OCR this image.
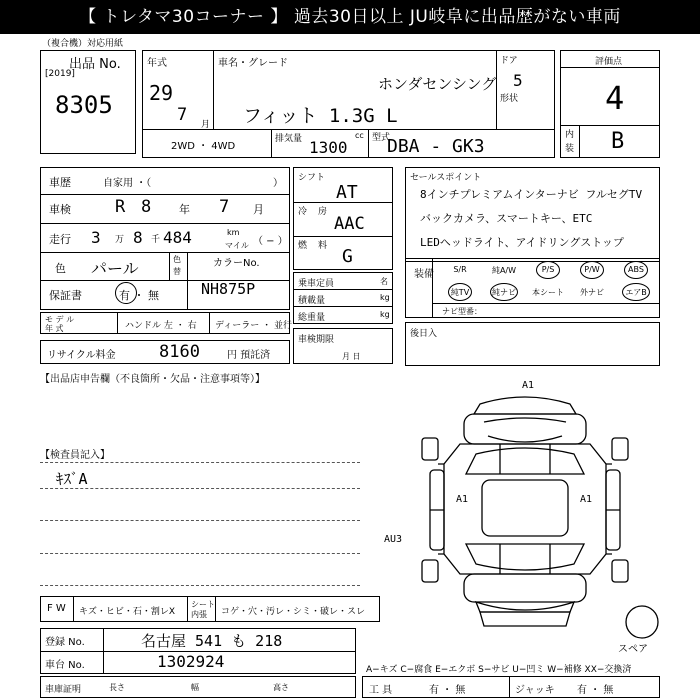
【 トレタマ30コーナー 】 過去30日以上 JU岐阜に出品歴がない車両
（複合機）対応用紙
出品 No.
[2019]
8305
年式
29
7 月
車名・グレード
ホンダセンシング
フィット 1.3G L
ドア
5
形状
2WD ・ 4WD
排気量 1300
cc 型式
DBA - GK3
評価点
4
内
装 B
車歴	自家用 ・（	）
車検	R 8	年 7 月
走行 3 万 8 千 484	km
マイル （ − ）
色 パール	色
替
カラーNo.
保証書	有 ・ 無	NH875P
モ デ ル
年 式	ハンドル 左 ・ 右 ディーラー ・ 並行
リサイクル料金	8160	円 預託済
シフト
AT
冷 房
AAC
燃 料 G
乗車定員	名
積載量	kg
総重量	kg
車検期限
月 日
セールスポイント
8インチプレミアムインターナビ フルセグTV
バックカメラ、スマートキー、ETC
LEDヘッドライト、アイドリングストップ
装備	S/R	純A/W	P/S	P/W	ABS
純TV	純ナビ	本シート	外ナビ	エアB
ナビ型番：
後日入
【出品店申告欄（不良箇所・欠品・注意事項等）】
【検査員記入】
ｷｽﾞA
A1
A1	A1
AU3
スペア
F W キズ・ヒビ・石・割レX
シート
内張 コゲ・穴・汚レ・シミ・破レ・スレ
登録 No.	名古屋 541 も 218
車台 No.	1302924	A−キズ C−腐食 E−エクボ S−サビ U−凹ミ W−補修 XX−交換済
車庫証明	長さ	幅	高さ	工 具	有 ・ 無	ジャッキ 有 ・ 無
